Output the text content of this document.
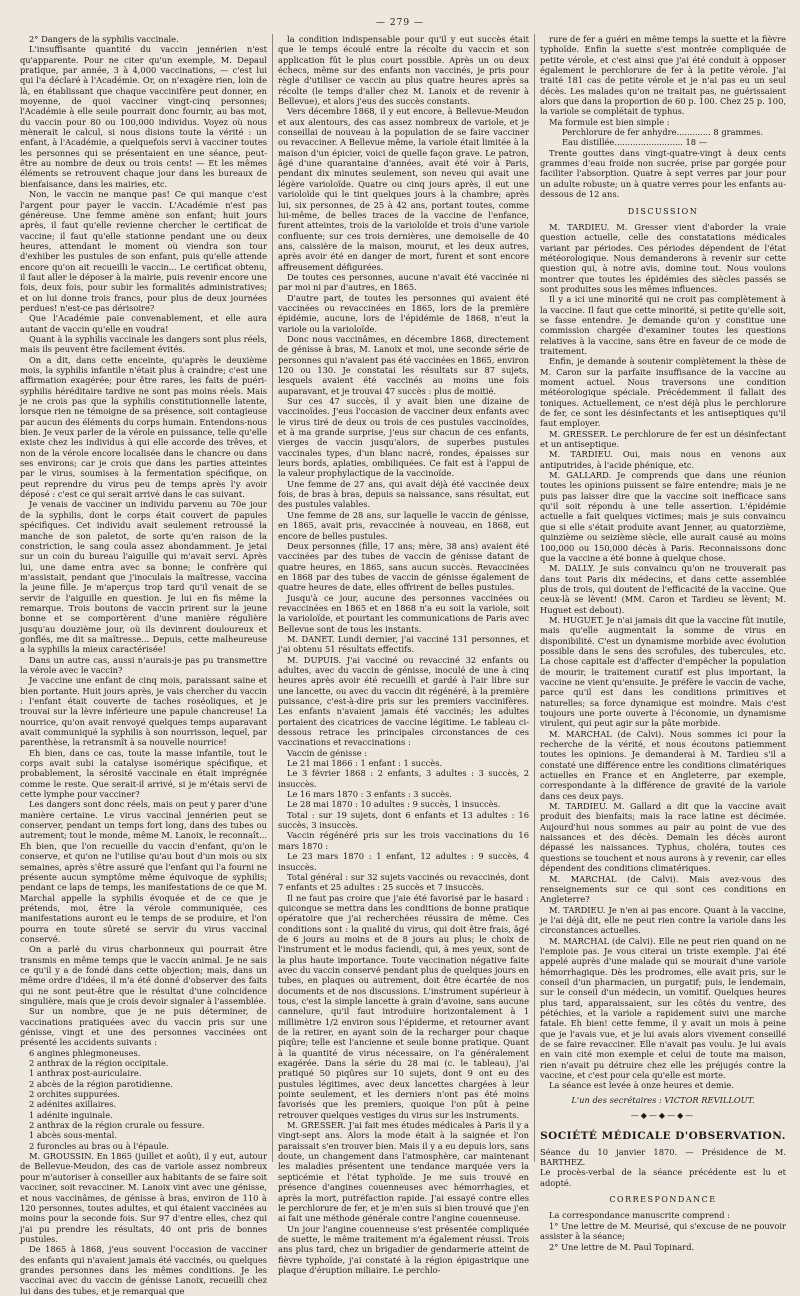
— 279 —

2° Dangers de la syphilis vaccinale.

L'insuffisante quantité du vaccin jennérien n'est qu'apparente. Pour ne citer qu'un exemple, M. Depaul pratique, par année, 3 à 4,000 vaccinations, — c'est lui qui l'a déclaré à l'Académie. Or, on n'exagère rien, loin de là, en établissant que chaque vaccinifère peut donner, en moyenne, de quoi vacciner vingt-cinq personnes; l'Académie à elle seule pourrait donc fournir, au bas mot, du vaccin pour 80 ou 100,000 individus. Voyez où nous mènerait le calcul, si nous disions toute la vérité : un enfant, à l'Académie, a quelquefois servi à vacciner toutes les personnes qui se présentaient en une séance, peut-être au nombre de deux ou trois cents! — Et les mêmes éléments se retrouvent chaque jour dans les bureaux de bienfaisance, dans les mairies, etc.

Non, le vaccin ne manque pas! Ce qui manque c'est l'argent pour payer le vaccin. L'Académie n'est pas généreuse. Une femme amène son enfant; huit jours après, il faut qu'elle revienne chercher le certificat de vaccine; il faut qu'elle stationne pendant une ou deux heures, attendant le moment où viendra son tour d'exhiber les pustules de son enfant, puis qu'elle attende encore qu'on ait recueilli le vaccin... Le certificat obtenu, il faut aller le déposer à la mairie, puis revenir encore une fois, deux fois, pour subir les formalités administratives; et on lui donne trois francs, pour plus de deux journées perdues! n'est-ce pas dérisoire?

Que l'Académie paie convenablement, et elle aura autant de vaccin qu'elle en voudra!

Quant à la syphilis vaccinale les dangers sont plus réels, mais ils peuvent être facilement évités.

On a dit, dans cette enceinte, qu'après le deuxième mois, la syphilis infantile n'était plus à craindre; c'est une affirmation exagérée; pour être rares, les faits de puéri-syphilis héréditaire tardive ne sont pas moins réels. Mais je ne crois pas que la syphilis constitutionnelle latente, lorsque rien ne témoigne de sa présence, soit contagieuse par aucun des éléments du corps humain. Entendons-nous bien. Je veux parler de la vérole en puissance, telle qu'elle existe chez les individus à qui elle accorde des trêves, et non de la vérole encore localisée dans le chancre ou dans ses environs; car je crois que dans les parties atteintes par le virus, soumises à la fermentation spécifique, on peut reprendre du virus peu de temps après l'y avoir déposé : c'est ce qui serait arrivé dans le cas suivant.

Je venais de vacciner un individu parvenu au 70e jour de la syphilis, dont le corps était couvert de papules spécifiques. Cet individu avait seulement retroussé la manche de son paletot, de sorte qu'en raison de la constriction, le sang coula assez abondamment. Je jetai sur un coin du bureau l'aiguille qui m'avait servi. Après lui, une dame entra avec sa bonne; le confrère qui m'assistait, pendant que j'inoculais la maîtresse, vaccina la jeune fille. Je m'aperçus trop tard qu'il venait de se servir de l'aiguille en question. Je lui en fis même la remarque. Trois boutons de vaccin prirent sur la jeune bonne et se comportèrent d'une manière régulière jusqu'au douzième jour, où ils devinrent douloureux et gonflés, me dit sa maîtresse... Depuis, cette malheureuse a la syphilis la mieux caractérisée!

Dans un autre cas, aussi n'aurais-je pas pu transmettre la vérole avec le vaccin?

Je vaccine une enfant de cinq mois, paraissant saine et bien portante. Huit jours après, je vais chercher du vaccin : l'enfant était couverte de taches roséoliques, et je trouvai sur la lèvre inférieure une papule chancreuse! La nourrice, qu'on avait renvoyé quelques temps auparavant avait communiqué la syphilis à son nourrisson, lequel, par parenthèse, la retransmît à sa nouvelle nourrice!

Eh bien, dans ce cas, toute la masse infantile, tout le corps avait subi la catalyse isomérique spécifique, et probablement, la sérosité vaccinale en était imprégnée comme le reste. Que serait-il arrivé, si je m'étais servi de cette lymphe pour vacciner?

Les dangers sont donc réels, mais on peut y parer d'une manière certaine. Le virus vaccinal jennérien peut se conserver, pendant un temps fort long, dans des tubes ou autrement; tout le monde, même M. Lanoix, le reconnaît... Eh bien, que l'on recueille du vaccin d'enfant, qu'on le conserve, et qu'on ne l'utilise qu'au bout d'un mois ou six semaines, après s'être assuré que l'enfant qui l'a fourni ne présente aucun symptôme même équivoque de syphilis; pendant ce laps de temps, les manifestations de ce que M. Marchal appelle la syphilis évoquée et de ce que je prétends, moi, être la vérole communiquée, ces manifestations auront eu le temps de se produire, et l'on pourra en toute sûreté se servir du virus vaccinal conservé.

On a parlé du virus charbonneux qui pourrait être transmis en même temps que le vaccin animal. Je ne sais ce qu'il y a de fondé dans cette objection; mais, dans un même ordre d'idées, il m'a été donné d'observer des faits qui ne sont peut-être que le résultat d'une coïncidence singulière, mais que je crois devoir signaler à l'assemblée.

Sur un nombre, que je ne puis déterminer, de vaccinations pratiquées avec du vaccin pris sur une génisse, vingt et une des personnes vaccinées ont présenté les accidents suivants :

6 angines phlegmoneuses.

2 anthrax de la région occipitale.

1 anthrax post-auriculaire.

2 abcès de la région parotidienne.

2 orchites suppurées.

2 adénites axillaires.

1 adénite inguinale.

2 anthrax de la région crurale ou fessure.

1 abcès sous-mental.

2 furoncles au bras ou à l'épaule.

M. GROUSSIN. En 1865 (juillet et août), il y eut, autour de Bellevue-Meudon, des cas de variole assez nombreux pour m'autoriser à conseiller aux habitants de se faire soit vacciner, soit revacciner. M. Lanoix vint avec une génisse, et nous vaccinâmes, de génisse à bras, environ de 110 à 120 personnes, toutes adultes, et qui étaient vaccinées au moins pour la seconde fois. Sur 97 d'entre elles, chez qui j'ai pu prendre les résultats, 40 ont pris de bonnes pustules.

De 1865 à 1868, j'eus souvent l'occasion de vacciner des enfants qui n'avaient jamais été vaccinés, ou quelques grandes personnes dans les mêmes conditions. Je les vaccinai avec du vaccin de génisse Lanoix, recueilli chez lui dans des tubes, et je remarquai que

la condition indispensable pour qu'il y eut succès était que le temps écoulé entre la récolte du vaccin et son application fût le plus court possible. Après un ou deux échecs, même sur des enfants non vaccinés, je pris pour règle d'utiliser ce vaccin au plus quatre heures après sa récolte (le temps d'aller chez M. Lanoix et de revenir à Bellevue), et alors j'eus des succès constants.

Vers décembre 1868, il y eut encore, à Bellevue-Meudon et aux alentours, des cas assez nombreux de variole, et je conseillai de nouveau à la population de se faire vacciner ou revacciner. A Bellevue même, la variole était limitée à la maison d'un épicier, voici de quelle façon grave. Le patron, âgé d'une quarantaine d'années, avait été voir à Paris, pendant dix minutes seulement, son neveu qui avait une légère varioloïde. Quatre ou cinq jours après, il eut une varioloïde qui le tint quelques jours à la chambre; après lui, six personnes, de 25 à 42 ans, portant toutes, comme lui-même, de belles traces de la vaccine de l'enfance, furent atteintes, trois de la varioloïde et trois d'une variole confluente; sur ces trois dernières, une demoiselle de 40 ans, caissière de la maison, mourut, et les deux autres, après avoir été en danger de mort, furent et sont encore affreusement défigurées.

De toutes ces personnes, aucune n'avait été vaccinée ni par moi ni par d'autres, en 1865.

D'autre part, de toutes les personnes qui avaient été vaccinées ou revaccinées en 1865, lors de la première épidémie, aucune, lors de l'épidémie de 1868, n'eut la variole ou la varioloïde.

Donc nous vaccinâmes, en décembre 1868, directement de génisse à bras, M. Lanoix et moi, une seconde série de personnes qui n'avaient pas été vaccinées en 1865, environ 120 ou 130. Je constatai les résultats sur 87 sujets, lesquels avaient été vaccinés au moins une fois auparavant, et je trouvai 47 succès : plus de moitié.

Sur ces 47 succès, il y avait bien une dizaine de vaccinoïdes. J'eus l'occasion de vacciner deux enfants avec le virus tiré de deux ou trois de ces pustules vaccinoïdes, et à ma grande surprise, j'eus sur chacun de ces enfants, vierges de vaccin jusqu'alors, de superbes pustules vaccinales types, d'un blanc nacré, rondes, épaisses sur leurs bords, aplaties, ombiliquées. Ce fait est à l'appui de la valeur prophylactique de la vaccinoïde.

Une femme de 27 ans, qui avait déjà été vaccinée deux fois, de bras à bras, depuis sa naissance, sans résultat, eut des pustules valables.

Une femme de 28 ans, sur laquelle le vaccin de génisse, en 1865, avait pris, revaccinée à nouveau, en 1868, eut encore de belles pustules.

Deux personnes (fille, 17 ans; mère, 38 ans) avaient été vaccinées par des tubes de vaccin de génisse datant de quatre heures, en 1865, sans aucun succès. Revaccinées en 1868 par des tubes de vaccin de génisse également de quatre heures de date, elles offrirent de belles pustules.

Jusqu'à ce jour, aucune des personnes vaccinées ou revaccinées en 1865 et en 1868 n'a eu soit la variole, soit la varioloïde, et pourtant les communications de Paris avec Bellevue sont de tous les instants.

M. DANET. Lundi dernier, j'ai vacciné 131 personnes, et j'ai obtenu 51 résultats effectifs.

M. DUPUIS. J'ai vacciné ou revacciné 32 enfants ou adultes, avec du vaccin de génisse, inoculé de une à cinq heures après avoir été recueilli et gardé à l'air libre sur une lancette, ou avec du vaccin dit régénéré, à la première puissance, c'est-à-dire pris sur les premiers vaccinifères. Les enfants n'avaient jamais été vaccinés; les adultes portaient des cicatrices de vaccine légitime. Le tableau ci-dessous retrace les principales circonstances de ces vaccinations et revaccinations :

Vaccin de génisse :

Le 21 mai 1866 : 1 enfant : 1 succès.

Le 3 février 1868 : 2 enfants, 3 adultes : 3 succès, 2 insuccès.

Le 16 mars 1870 : 3 enfants : 3 succès.

Le 28 mai 1870 : 10 adultes : 9 succès, 1 insuccès.

Total : sur 19 sujets, dont 6 enfants et 13 adultes : 16 succès, 3 insuccès.

Vaccin régénéré pris sur les trois vaccinations du 16 mars 1870 :

Le 23 mars 1870 : 1 enfant, 12 adultes : 9 succès, 4 insuccès.

Total général : sur 32 sujets vaccinés ou revaccinés, dont 7 enfants et 25 adultes : 25 succès et 7 insuccès.

Il ne faut pas croire que j'aie été favorisé par le hasard : quiconque se mettra dans les conditions de bonne pratique opératoire que j'ai recherchées réussira de même. Ces conditions sont : la qualité du virus, qui doit être frais, âgé de 6 jours au moins et de 8 jours au plus; le choix de l'instrument et le modus faciendi, qui, à mes yeux, sont de la plus haute importance. Toute vaccination négative faite avec du vaccin conservé pendant plus de quelques jours en tubes, en plaques ou autrement, doit être écartée de nos documents et de nos discussions. L'instrument supérieur à tous, c'est la simple lancette à grain d'avoine, sans aucune cannelure, qu'il faut introduire horizontalement à 1 millimètre 1/2 environ sous l'épiderme, et retourner avant de la retirer, en ayant soin de la recharger pour chaque piqûre; telle est l'ancienne et seule bonne pratique. Quant à la quantité de virus nécessaire, on l'a généralement exagérée. Dans la série du 28 mai (c. le tableau), j'ai pratiqué 50 piqûres sur 10 sujets, dont 9 ont eu des pustules légitimes, avec deux lancettes chargées à leur pointe seulement, et les derniers n'ont pas été moins favorisés que les premiers, quoique l'on pût à peine retrouver quelques vestiges du virus sur les instruments.

M. GRESSER. J'ai fait mes études médicales à Paris il y a vingt-sept ans. Alors la mode était à la saignée et l'on paraissait s'en trouver bien. Mais il y a eu depuis lors, sans doute, un changement dans l'atmosphère, car maintenant les maladies présentent une tendance marquée vers la septicémie et l'état typhoïde. Je me suis trouvé en présence d'angines couenneuses avec hémorrhagies, et après la mort, putréfaction rapide. J'ai essayé contre elles le perchlorure de fer, et je m'en suis si bien trouvé que j'en ai fait une méthode générale contre l'angine couenneuse.

Un jour l'angine couenneuse s'est présentée compliquée de suette, le même traitement m'a également réussi. Trois ans plus tard, chez un brigadier de gendarmerie atteint de fièvre typhoïde, j'ai constaté à la région épigastrique une plaque d'éruption miliaire. Le perchlo-

rure de fer a guéri en même temps la suette et la fièvre typhoïde. Enfin la suette s'est montrée compliquée de petite vérole, et c'est ainsi que j'ai été conduit à opposer également le perchlorure de fer à la petite vérole. J'ai traité 181 cas de petite vérole et je n'ai pas eu un seul décès. Les malades qu'on ne traitait pas, ne guérissaient alors que dans la proportion de 60 p. 100. Chez 25 p. 100, la variole se complétait de typhus.

Ma formule est bien simple :

Perchlorure de fer anhydre............. 8 grammes.

Eau distillée.......................... 18 —

Trente gouttes dans vingt-quatre-vingt à deux cents grammes d'eau froide non sucrée, prise par gorgée pour faciliter l'absorption. Quatre à sept verres par jour pour un adulte robuste; un à quatre verres pour les enfants au-dessous de 12 ans.

DISCUSSION

M. TARDIEU. M. Gresser vient d'aborder la vraie question actuelle, celle des constatations médicales variant par périodes. Ces périodes dépendent de l'état météorologique. Nous demanderons à revenir sur cette question qui, à notre avis, domine tout. Nous voulons montrer que toutes les épidémies des siècles passés se sont produites sous les mêmes influences.

Il y a ici une minorité qui ne croit pas complètement à la vaccine. Il faut que cette minorité, si petite qu'elle soit, se fasse entendre. Je demande qu'on y constitue une commission chargée d'examiner toutes les questions relatives à la vaccine, sans être en faveur de ce mode de traitement.

Enfin, je demande à soutenir complètement la thèse de M. Caron sur la parfaite insuffisance de la vaccine au moment actuel. Nous traversons une condition météorologique spéciale. Précédemment il fallait des toniques. Actuellement, ce n'est déjà plus le perchlorure de fer, ce sont les désinfectants et les antiseptiques qu'il faut employer.

M. GRESSER. Le perchlorure de fer est un désinfectant et un antiseptique.

M. TARDIEU. Oui, mais nous en venons aux antiputrides, à l'acide phénique, etc.

M. GALLARD. Je comprends que dans une réunion toutes les opinions puissent se faire entendre; mais je ne puis pas laisser dire que la vaccine soit inefficace sans qu'il soit répondu à une telle assertion. L'épidémie actuelle a fait quelques victimes; mais je suis convaincu que si elle s'était produite avant Jenner, au quatorzième, quinzième ou seizième siècle, elle aurait causé au moins 100,000 ou 150,000 décès à Paris. Reconnaissons donc que la vaccine a été bonne à quelque chose.

M. DALLY. Je suis convaincu qu'on ne trouverait pas dans tout Paris dix médecins, et dans cette assemblée plus de trois, qui doutent de l'efficacité de la vaccine. Que ceux-là se lèvent! (MM. Caron et Tardieu se lèvent; M. Huguet est debout).

M. HUGUET. Je n'ai jamais dit que la vaccine fût inutile, mais qu'elle augmentait la somme de virus en disponibilité. C'est un dynamisme morbide avec évolution possible dans le sens des scrofules, des tubercules, etc. La chose capitale est d'affecter d'empêcher la population de mourir, le traitement curatif est plus important, la vaccine ne vient qu'ensuite. Je préfère le vaccin de vache, parce qu'il est dans les conditions primitives et naturelles; sa force dynamique est moindre. Mais c'est toujours une porte ouverte à l'économie, un dynamisme virulent, qui peut agir sur la pâte morbide.

M. MARCHAL (de Calvi). Nous sommes ici pour la recherche de la vérité, et nous écoutons patiemment toutes les opinions. Je demanderai à M. Tardieu s'il a constaté une différence entre les conditions climatériques actuelles en France et en Angleterre, par exemple, correspondante à la différence de gravité de la variole dans ces deux pays.

M. TARDIEU. M. Gallard a dit que la vaccine avait produit des bienfaits; mais la race latine est décimée. Aujourd'hui nous sommes au pair au point de vue des naissances et des décès. Demain les décès auront dépassé les naissances. Typhus, choléra, toutes ces questions se touchent et nous aurons à y revenir, car elles dépendent des conditions climatériques.

M. MARCHAL (de Calvi). Mais avez-vous des renseignements sur ce qui sont ces conditions en Angleterre?

M. TARDIEU. Je n'en ai pas encore. Quant à la vaccine, je l'ai déjà dit, elle ne peut rien contre la variole dans les circonstances actuelles.

M. MARCHAL (de Calvi). Elle ne peut rien quand on ne l'emploie pas. Je vous citerai un triste exemple. J'ai été appelé auprès d'une malade qui se mourait d'une variole hémorrhagique. Dès les prodromes, elle avait pris, sur le conseil d'un pharmacien, un purgatif; puis, le lendemain, sur le conseil d'un médecin, un vomitif. Quelques heures plus tard, apparaissaient, sur les côtés du ventre, des pétéchies, et la variole a rapidement suivi une marche fatale. Eh bien! cette femme, il y avait un mois à peine que je l'avais vue, et je lui avais alors vivement conseillé de se faire revacciner. Elle n'avait pas voulu. Je lui avais en vain cité mon exemple et celui de toute ma maison, rien n'avait pu détruire chez elle les préjugés contre la vaccine, et c'est pour cela qu'elle est morte.

La séance est levée à onze heures et demie.

L'un des secrétaires : VICTOR REVILLOUT.

—◆—◆—◆—

SOCIÉTÉ MÉDICALE D'OBSERVATION.

Séance du 10 janvier 1870. — Présidence de M. BARTHEZ.

Le procès-verbal de la séance précédente est lu et adopté.

CORRESPONDANCE

La correspondance manuscrite comprend :

1° Une lettre de M. Meurisé, qui s'excuse de ne pouvoir assister à la séance;

2° Une lettre de M. Paul Topinard.
